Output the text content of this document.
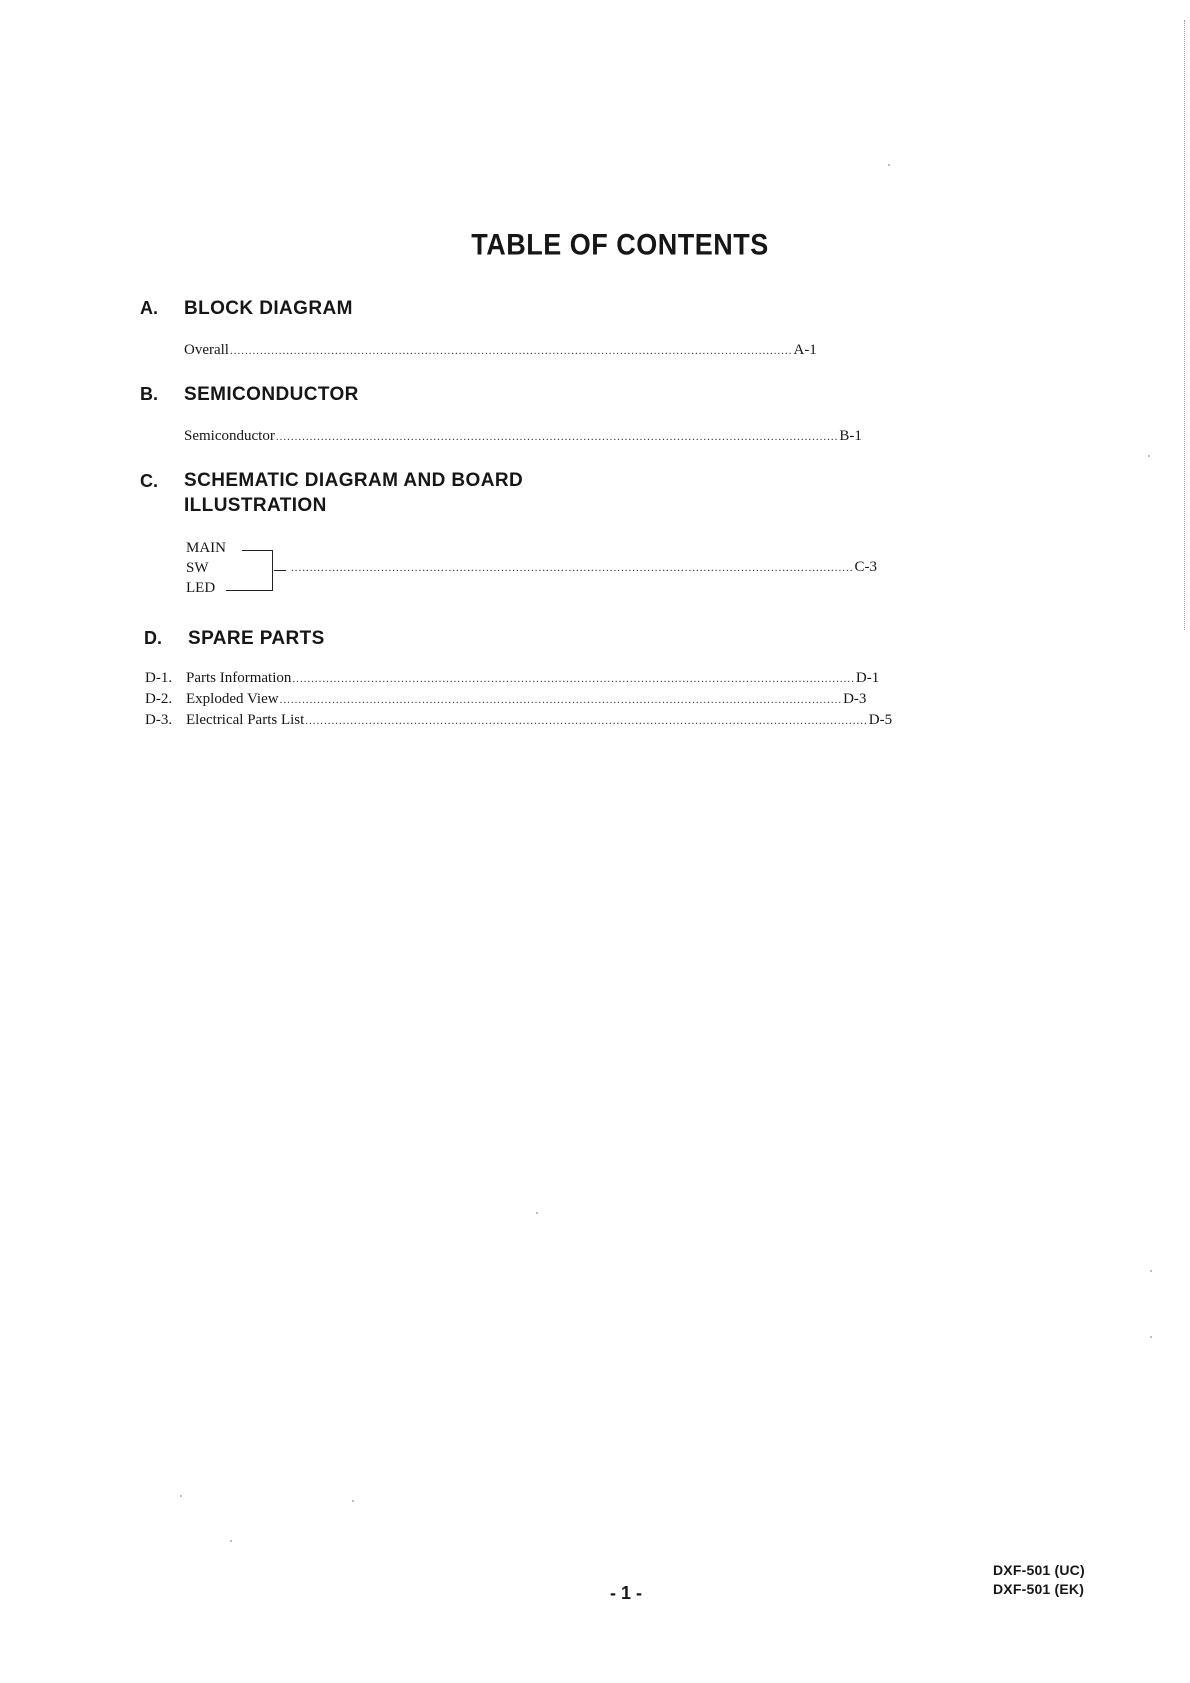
TABLE OF CONTENTS
A. BLOCK DIAGRAM
Overall ...................................................................................................................................................... A-1
B. SEMICONDUCTOR
Semiconductor ...................................................................................................................................................... B-1
C. SCHEMATIC DIAGRAM AND BOARD
ILLUSTRATION
MAIN
SW
LED
...................................................................................................................................................... C-3
D. SPARE PARTS
D-1. Parts Information ...................................................................................................................................................... D-1
D-2. Exploded View ...................................................................................................................................................... D-3
D-3. Electrical Parts List ...................................................................................................................................................... D-5
- 1 -
DXF-501 (UC)
DXF-501 (EK)
